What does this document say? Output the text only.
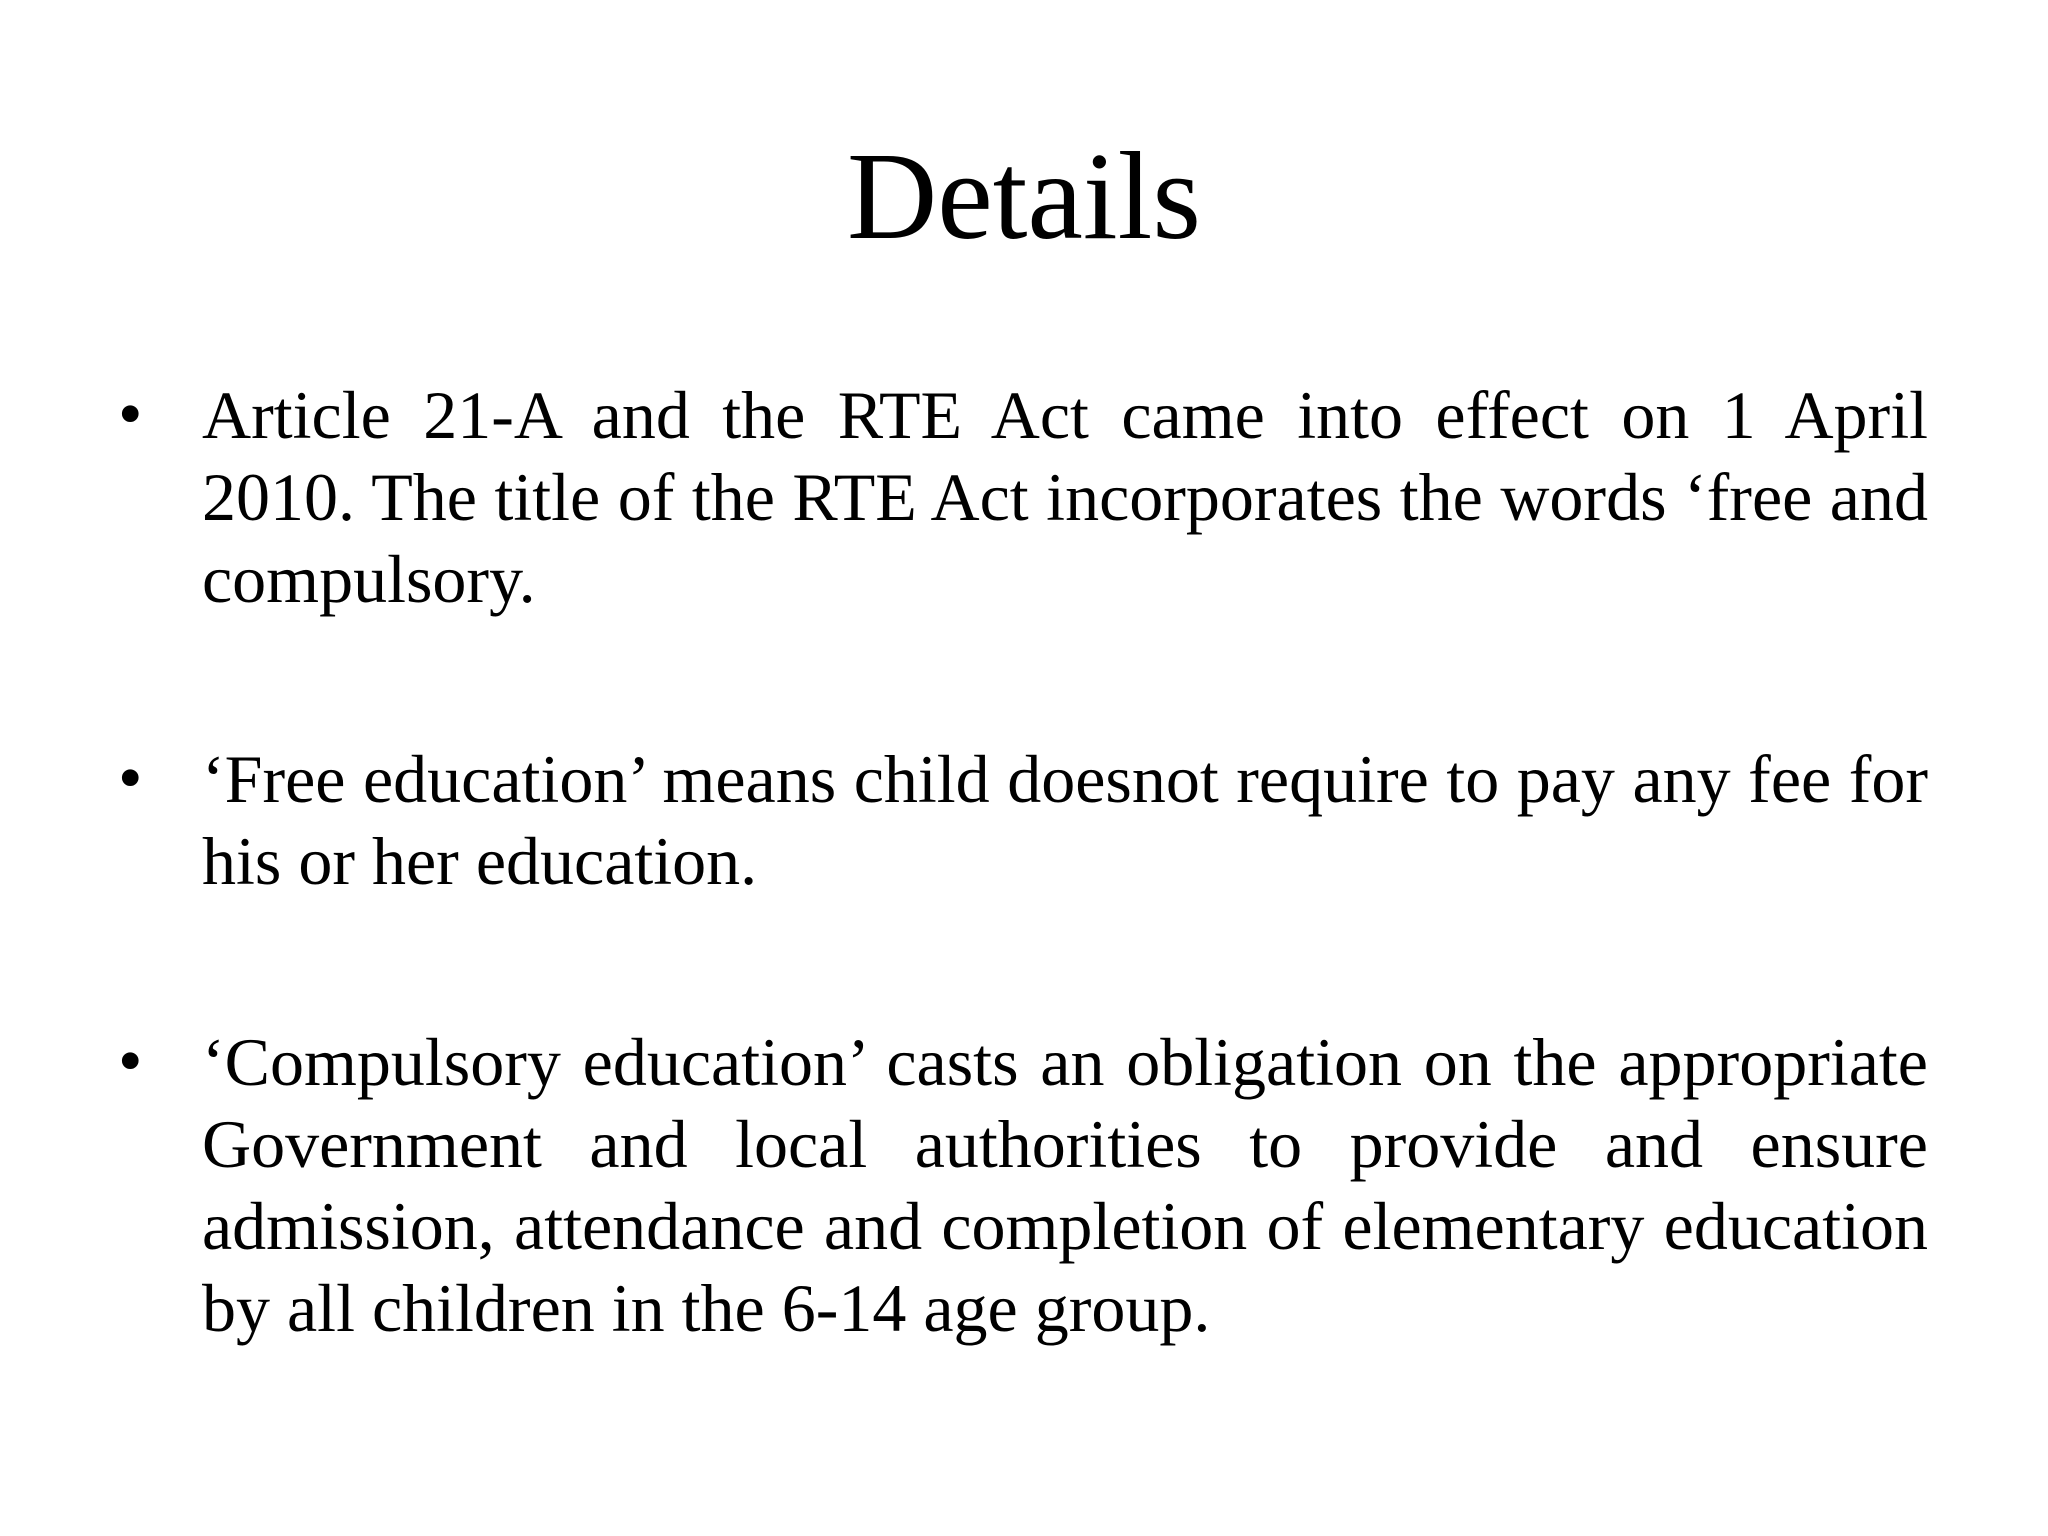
Details
• Article 21-A and the RTE Act came into effect on 1 April 2010. The title of the RTE Act incorporates the words ‘free and compulsory.
• ‘Free education’ means child doesnot require to pay any fee for his or her education.
• ‘Compulsory education’ casts an obligation on the appropriate Government and local authorities to provide and ensure admission, attendance and completion of elementary education by all children in the 6-14 age group.
